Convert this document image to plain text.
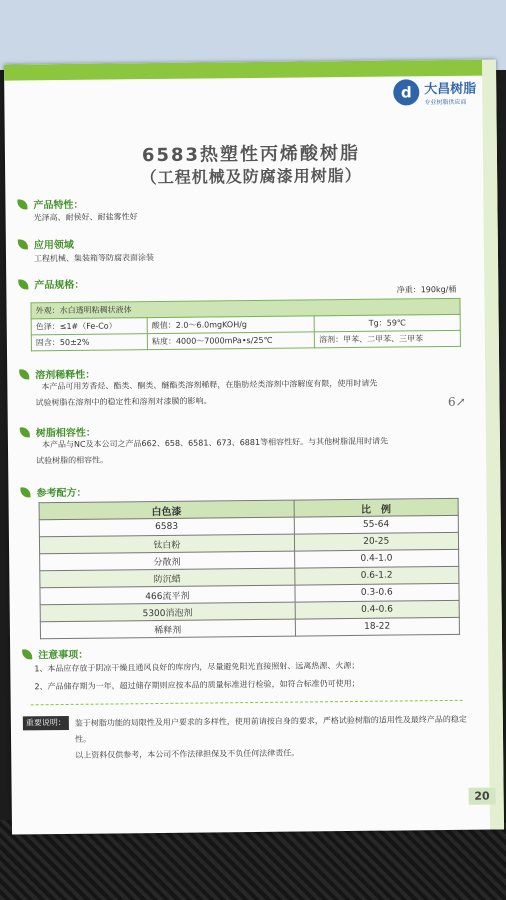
d 大昌树脂
专业树脂供应商
6583热塑性丙烯酸树脂
（工程机械及防腐漆用树脂）
产品特性：
光泽高、耐侯好、耐盐雾性好
应用领域
工程机械、集装箱等防腐表面涂装
产品规格：	净重：190kg/桶
外观：水白透明粘稠状液体		
色泽：≤1#（Fe-Co）	酸值：2.0～6.0mgKOH/g	Tg：59℃
固含：50±2%	粘度：4000～7000mPa•s/25℃	溶剂：甲苯、二甲苯、三甲苯
溶剂稀释性：
本产品可用芳香烃、酯类、酮类、醚酯类溶剂稀释，在脂肪烃类溶剂中溶解度有限，使用时请先
试验树脂在溶剂中的稳定性和溶剂对漆膜的影响。
树脂相容性：
本产品与NC及本公司之产品662、658、6581、673、6881等相容性好。与其他树脂混用时请先
试验树脂的相容性。
参考配方：
白色漆	比　例
6583	55-64
钛白粉	20-25
分散剂	0.4-1.0
防沉蜡	0.6-1.2
466流平剂	0.3-0.6
5300消泡剂	0.4-0.6
稀释剂	18-22
注意事项：
1、本品应存放于阴凉干燥且通风良好的库房内，尽量避免阳光直接照射、远离热源、火源；
2、产品储存期为一年，超过储存期则应按本品的质量标准进行检验，如符合标准仍可使用；
重要说明：	鉴于树脂功能的局限性及用户要求的多样性，使用前请按自身的要求，严格试验树脂的适用性及最终产品的稳定性。
以上资料仅供参考，本公司不作法律担保及不负任何法律责任。
20
6↗
